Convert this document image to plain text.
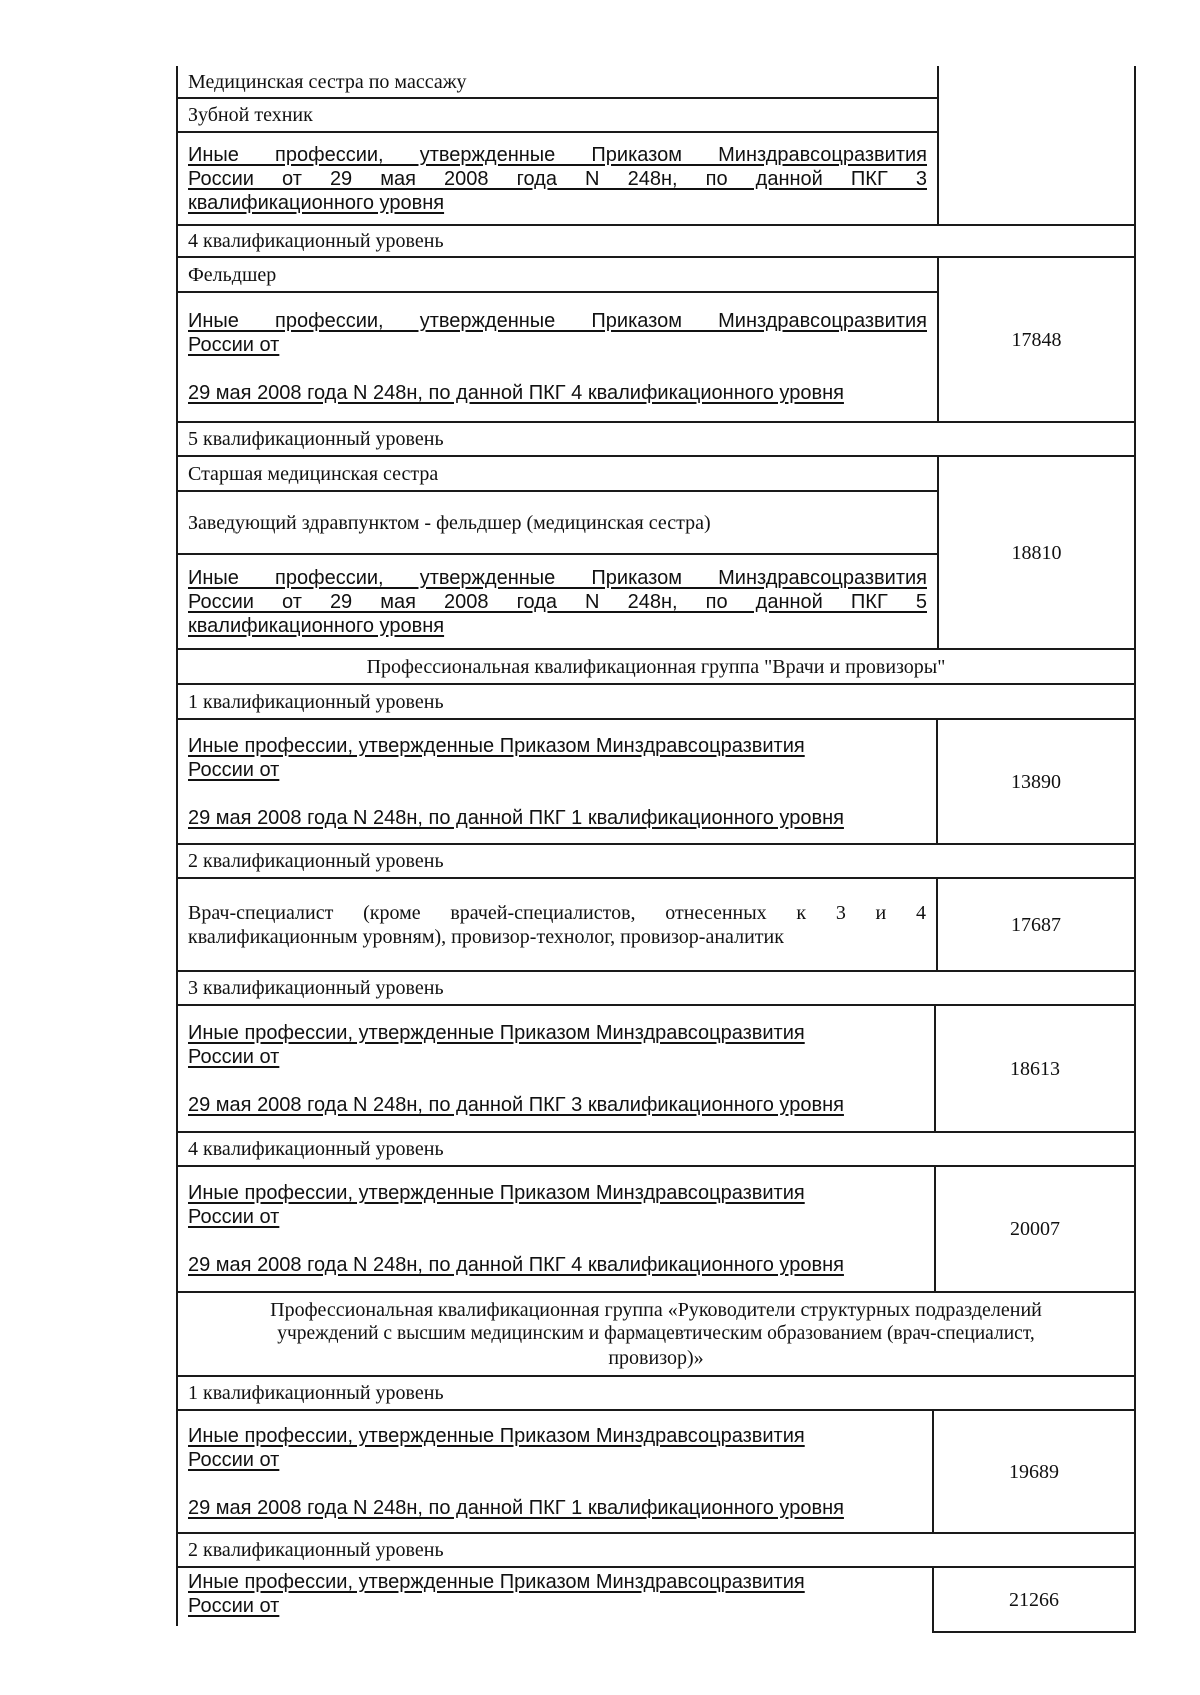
Медицинская сестра по массажу
Зубной техник
Иные профессии, утвержденные Приказом Минздравсоцразвития
России от 29 мая 2008 года N 248н, по данной ПКГ 3
квалификационного уровня
4 квалификационный уровень
Фельдшер
Иные профессии, утвержденные Приказом Минздравсоцразвития
России от
29 мая 2008 года N 248н, по данной ПКГ 4 квалификационного уровня
17848
5 квалификационный уровень
Старшая медицинская сестра
Заведующий здравпунктом - фельдшер (медицинская сестра)
Иные профессии, утвержденные Приказом Минздравсоцразвития
России от 29 мая 2008 года N 248н, по данной ПКГ 5
квалификационного уровня
18810
Профессиональная квалификационная группа "Врачи и провизоры"
1 квалификационный уровень
Иные профессии, утвержденные Приказом Минздравсоцразвития
России от
29 мая 2008 года N 248н, по данной ПКГ 1 квалификационного уровня
13890
2 квалификационный уровень
Врач-специалист (кроме врачей-специалистов, отнесенных к 3 и 4
квалификационным уровням), провизор-технолог, провизор-аналитик
17687
3 квалификационный уровень
Иные профессии, утвержденные Приказом Минздравсоцразвития
России от
29 мая 2008 года N 248н, по данной ПКГ 3 квалификационного уровня
18613
4 квалификационный уровень
Иные профессии, утвержденные Приказом Минздравсоцразвития
России от
29 мая 2008 года N 248н, по данной ПКГ 4 квалификационного уровня
20007
Профессиональная квалификационная группа «Руководители структурных подразделений
учреждений с высшим медицинским и фармацевтическим образованием (врач-специалист,
провизор)»
1 квалификационный уровень
Иные профессии, утвержденные Приказом Минздравсоцразвития
России от
29 мая 2008 года N 248н, по данной ПКГ 1 квалификационного уровня
19689
2 квалификационный уровень
Иные профессии, утвержденные Приказом Минздравсоцразвития
России от	21266
